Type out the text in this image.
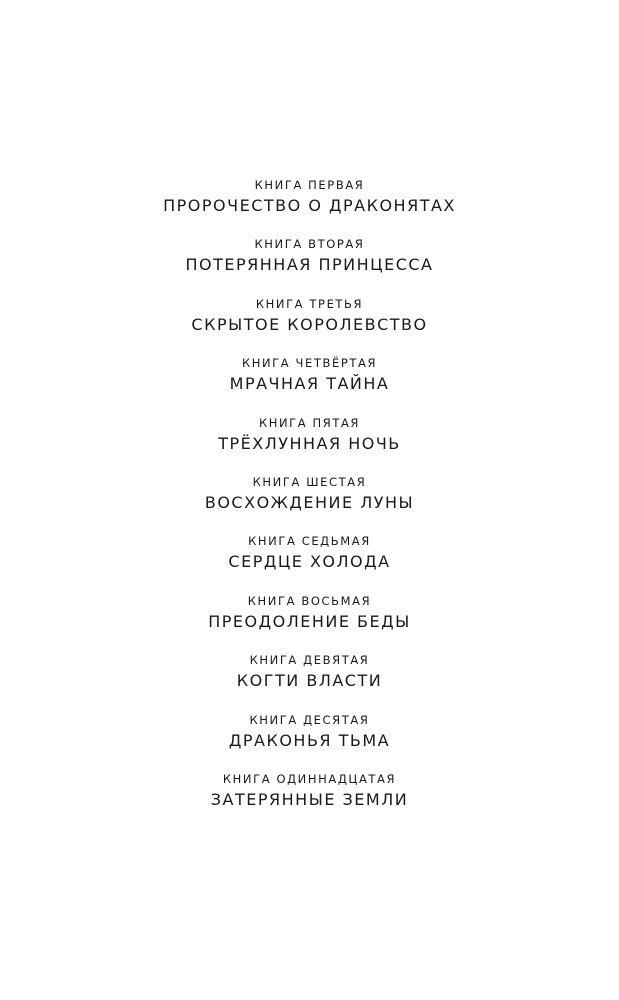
КНИГА ПЕРВАЯ
ПРОРОЧЕСТВО О ДРАКОНЯТАХ
КНИГА ВТОРАЯ
ПОТЕРЯННАЯ ПРИНЦЕССА
КНИГА ТРЕТЬЯ
СКРЫТОЕ КОРОЛЕВСТВО
КНИГА ЧЕТВЁРТАЯ
МРАЧНАЯ ТАЙНА
КНИГА ПЯТАЯ
ТРЁХЛУННАЯ НОЧЬ
КНИГА ШЕСТАЯ
ВОСХОЖДЕНИЕ ЛУНЫ
КНИГА СЕДЬМАЯ
СЕРДЦЕ ХОЛОДА
КНИГА ВОСЬМАЯ
ПРЕОДОЛЕНИЕ БЕДЫ
КНИГА ДЕВЯТАЯ
КОГТИ ВЛАСТИ
КНИГА ДЕСЯТАЯ
ДРАКОНЬЯ ТЬМА
КНИГА ОДИННАДЦАТАЯ
ЗАТЕРЯННЫЕ ЗЕМЛИ
